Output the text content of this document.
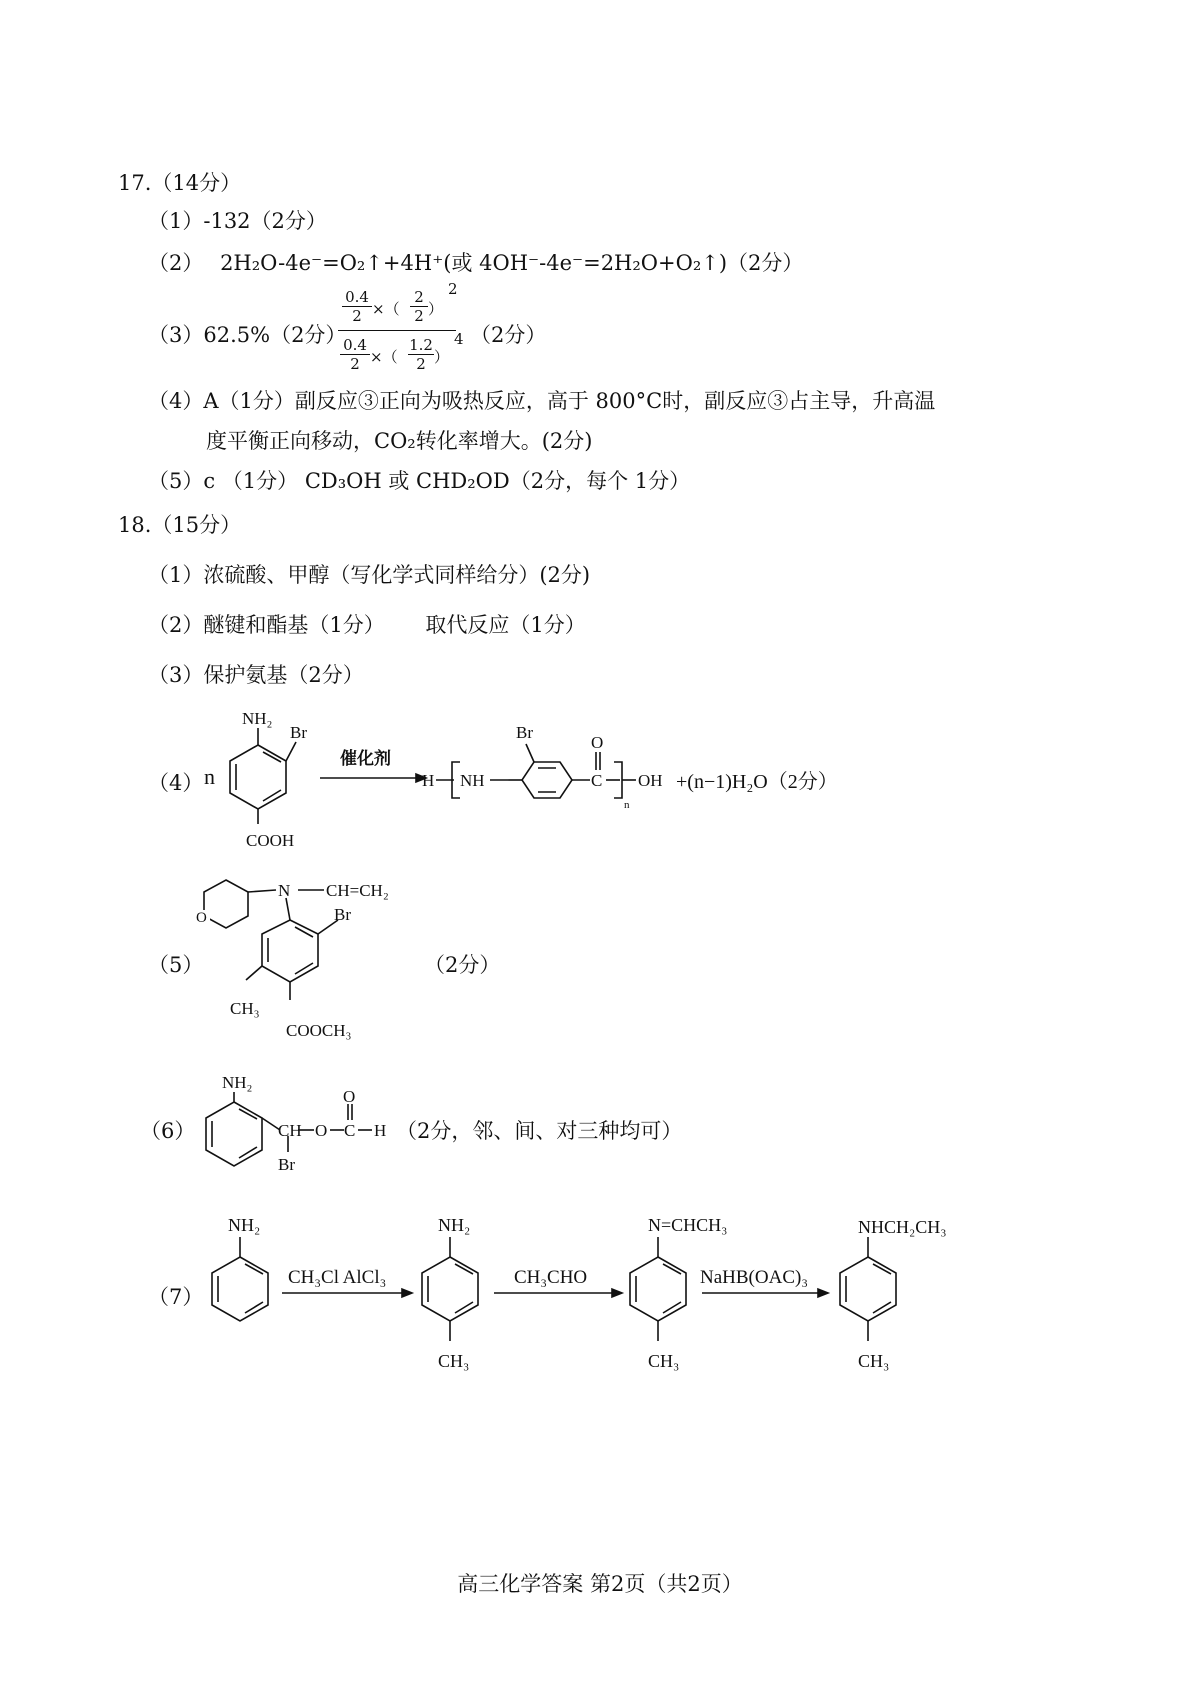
17.（14分）
（1）-132（2分）
（2） 2H₂O-4e⁻=O₂↑+4H⁺(或 4OH⁻-4e⁻=2H₂O+O₂↑)（2分）
（3）62.5%（2分）
$\frac{0.4}{2}$ ×（ $\frac{2}{2}$ ）
2
$\frac{0.4}{2}$ ×（ $\frac{1.2}{2}$ ）
4 （2分）
（4）A（1分）副反应③正向为吸热反应，高于 800°C时，副反应③占主导，升高温
度平衡正向移动，CO₂转化率增大。(2分)
（5）c （1分） CD₃OH 或 CHD₂OD（2分，每个 1分）
18.（15分）
（1）浓硫酸、甲醇（写化学式同样给分）(2分)
（2）醚键和酯基（1分） 取代反应（1分）
（3）保护氨基（2分）
（4） n
NH₂
Br
COOH
催化剂
H NH
Br
O
C
n
OH +(n−1)H₂O（2分）
（5）
O
N CH=CH₂
Br
CH₃
COOCH₃
（2分）
（6）
NH₂
CH O C
O
H
Br
（2分，邻、间、对三种均可）
（7）
NH₂
CH₃Cl AlCl₃
NH₂
CH₃
CH₃CHO
N=CHCH₃
CH₃
NaHB(OAC)₃
NHCH₂CH₃
CH₃
高三化学答案 第2页（共2页）
